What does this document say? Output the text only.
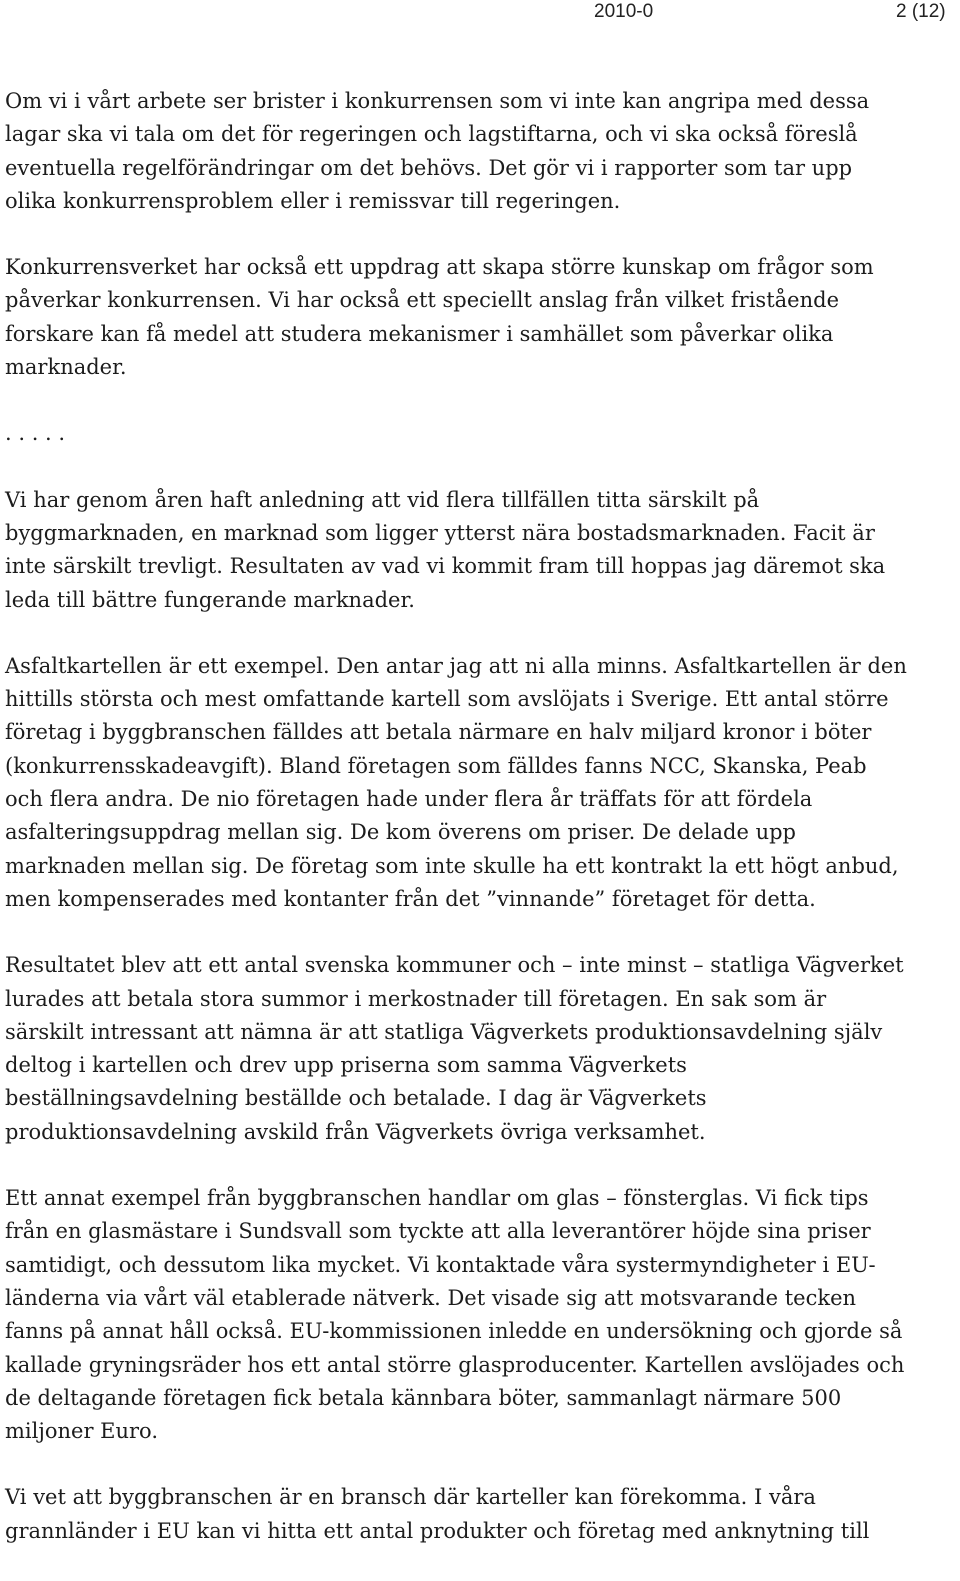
2010-0	2 (12)

Om vi i vårt arbete ser brister i konkurrensen som vi inte kan angripa med dessa lagar ska vi tala om det för regeringen och lagstiftarna, och vi ska också föreslå eventuella regelförändringar om det behövs. Det gör vi i rapporter som tar upp olika konkurrensproblem eller i remissvar till regeringen.

Konkurrensverket har också ett uppdrag att skapa större kunskap om frågor som påverkar konkurrensen. Vi har också ett speciellt anslag från vilket fristående forskare kan få medel att studera mekanismer i samhället som påverkar olika marknader.

. . . . .

Vi har genom åren haft anledning att vid flera tillfällen titta särskilt på byggmarknaden, en marknad som ligger ytterst nära bostadsmarknaden. Facit är inte särskilt trevligt. Resultaten av vad vi kommit fram till hoppas jag däremot ska leda till bättre fungerande marknader.

Asfaltkartellen är ett exempel. Den antar jag att ni alla minns. Asfaltkartellen är den hittills största och mest omfattande kartell som avslöjats i Sverige. Ett antal större företag i byggbranschen fälldes att betala närmare en halv miljard kronor i böter (konkurrensskadeavgift). Bland företagen som fälldes fanns NCC, Skanska, Peab och flera andra. De nio företagen hade under flera år träffats för att fördela asfalteringsuppdrag mellan sig. De kom överens om priser. De delade upp marknaden mellan sig. De företag som inte skulle ha ett kontrakt la ett högt anbud, men kompenserades med kontanter från det ”vinnande” företaget för detta.

Resultatet blev att ett antal svenska kommuner och – inte minst – statliga Vägverket lurades att betala stora summor i merkostnader till företagen. En sak som är särskilt intressant att nämna är att statliga Vägverkets produktionsavdelning själv deltog i kartellen och drev upp priserna som samma Vägverkets beställningsavdelning beställde och betalade. I dag är Vägverkets produktionsavdelning avskild från Vägverkets övriga verksamhet.

Ett annat exempel från byggbranschen handlar om glas – fönsterglas. Vi fick tips från en glasmästare i Sundsvall som tyckte att alla leverantörer höjde sina priser samtidigt, och dessutom lika mycket. Vi kontaktade våra systermyndigheter i EU-länderna via vårt väl etablerade nätverk. Det visade sig att motsvarande tecken fanns på annat håll också. EU-kommissionen inledde en undersökning och gjorde så kallade gryningsräder hos ett antal större glasproducenter. Kartellen avslöjades och de deltagande företagen fick betala kännbara böter, sammanlagt närmare 500 miljoner Euro.

Vi vet att byggbranschen är en bransch där karteller kan förekomma. I våra grannländer i EU kan vi hitta ett antal produkter och företag med anknytning till
